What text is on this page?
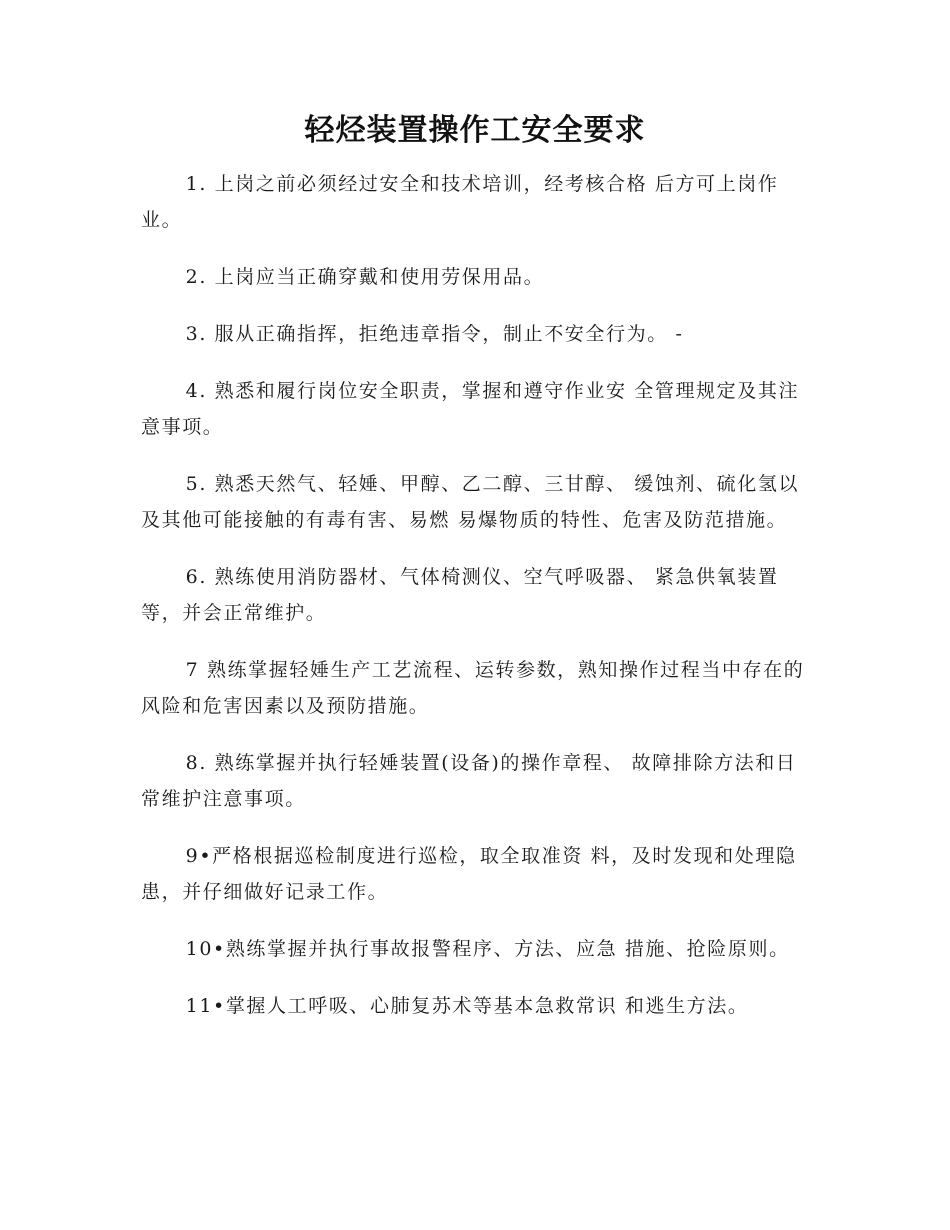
轻烃装置操作工安全要求

1. 上岗之前必须经过安全和技术培训，经考核合格 后方可上岗作业。

2. 上岗应当正确穿戴和使用劳保用品。

3. 服从正确指挥，拒绝违章指令，制止不安全行为。 -

4. 熟悉和履行岗位安全职责，掌握和遵守作业安 全管理规定及其注意事项。

5. 熟悉天然气、轻娷、甲醇、乙二醇、三甘醇、 缓蚀剂、硫化氢以及其他可能接触的有毒有害、易燃 易爆物质的特性、危害及防范措施。

6. 熟练使用消防器材、气体椅测仪、空气呼吸器、 紧急供氧装置等，并会正常维护。

7 熟练掌握轻娷生产工艺流程、运转参数，熟知操作过程当中存在的风险和危害因素以及预防措施。

8. 熟练掌握并执行轻娷装置(设备)的操作章程、 故障排除方法和日常维护注意事项。

9•严格根据巡检制度进行巡检，取全取准资 料，及时发现和处理隐患，并仔细做好记录工作。

10•熟练掌握并执行事故报警程序、方法、应急 措施、抢险原则。

11•掌握人工呼吸、心肺复苏术等基本急救常识 和逃生方法。
